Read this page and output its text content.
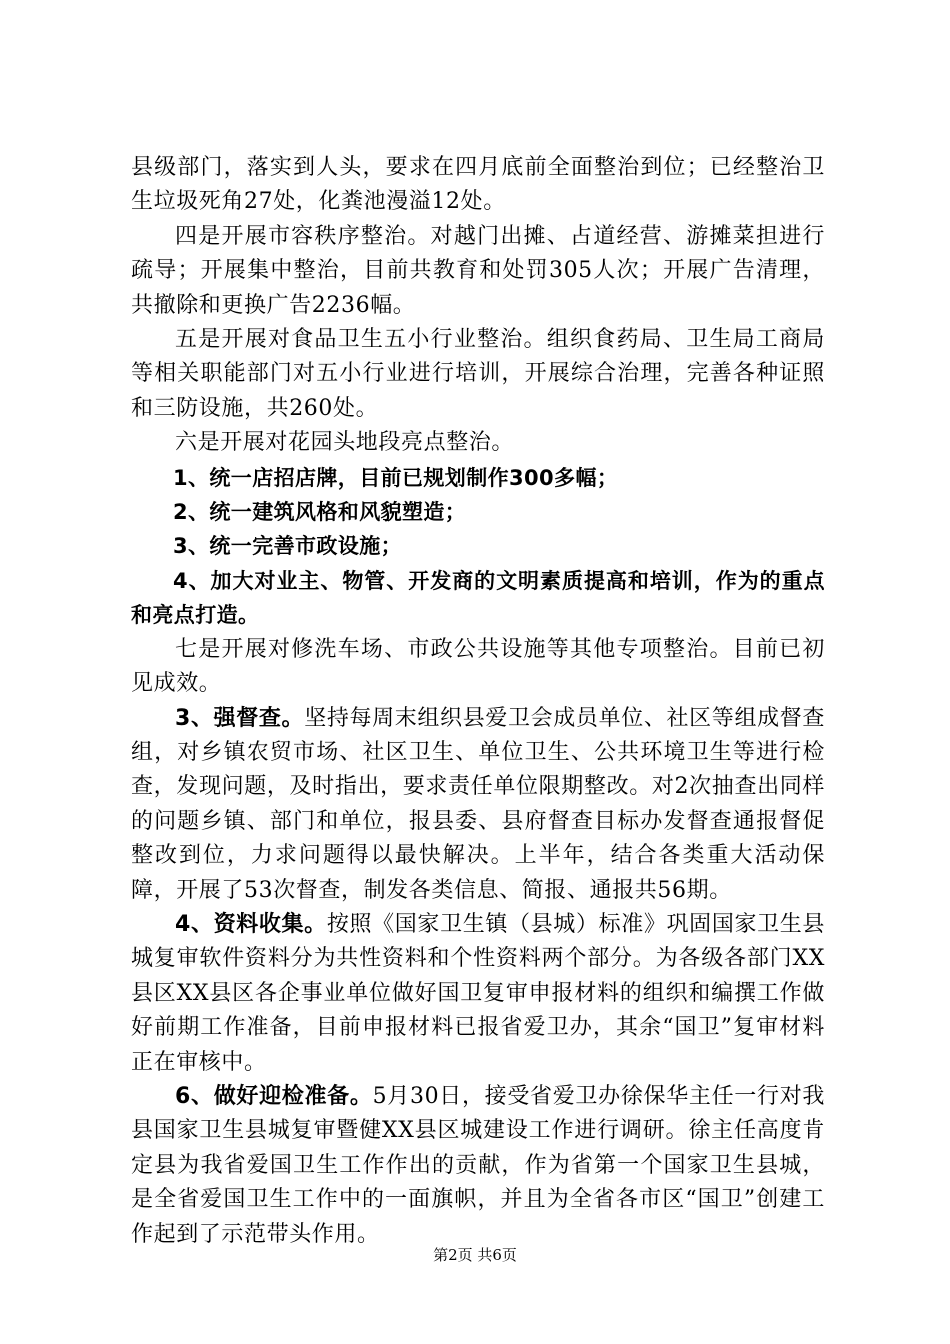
县级部门，落实到人头，要求在四月底前全面整治到位；已经整治卫生垃圾死角27处，化粪池漫溢12处。

四是开展市容秩序整治。对越门出摊、占道经营、游摊菜担进行疏导；开展集中整治，目前共教育和处罚305人次；开展广告清理，共撤除和更换广告2236幅。

五是开展对食品卫生五小行业整治。组织食药局、卫生局工商局等相关职能部门对五小行业进行培训，开展综合治理，完善各种证照和三防设施，共260处。

六是开展对花园头地段亮点整治。

1、统一店招店牌，目前已规划制作300多幅；

2、统一建筑风格和风貌塑造；

3、统一完善市政设施；

4、加大对业主、物管、开发商的文明素质提高和培训，作为的重点和亮点打造。

七是开展对修洗车场、市政公共设施等其他专项整治。目前已初见成效。

3、强督查。坚持每周末组织县爱卫会成员单位、社区等组成督查组，对乡镇农贸市场、社区卫生、单位卫生、公共环境卫生等进行检查，发现问题，及时指出，要求责任单位限期整改。对2次抽查出同样的问题乡镇、部门和单位，报县委、县府督查目标办发督查通报督促整改到位，力求问题得以最快解决。上半年，结合各类重大活动保障，开展了53次督查，制发各类信息、简报、通报共56期。

4、资料收集。按照《国家卫生镇（县城）标准》巩固国家卫生县城复审软件资料分为共性资料和个性资料两个部分。为各级各部门XX县区XX县区各企事业单位做好国卫复审申报材料的组织和编撰工作做好前期工作准备，目前申报材料已报省爱卫办，其余“国卫”复审材料正在审核中。

6、做好迎检准备。5月30日，接受省爱卫办徐保华主任一行对我县国家卫生县城复审暨健XX县区城建设工作进行调研。徐主任高度肯定县为我省爱国卫生工作作出的贡献，作为省第一个国家卫生县城，是全省爱国卫生工作中的一面旗帜，并且为全省各市区“国卫”创建工作起到了示范带头作用。

第2页 共6页
